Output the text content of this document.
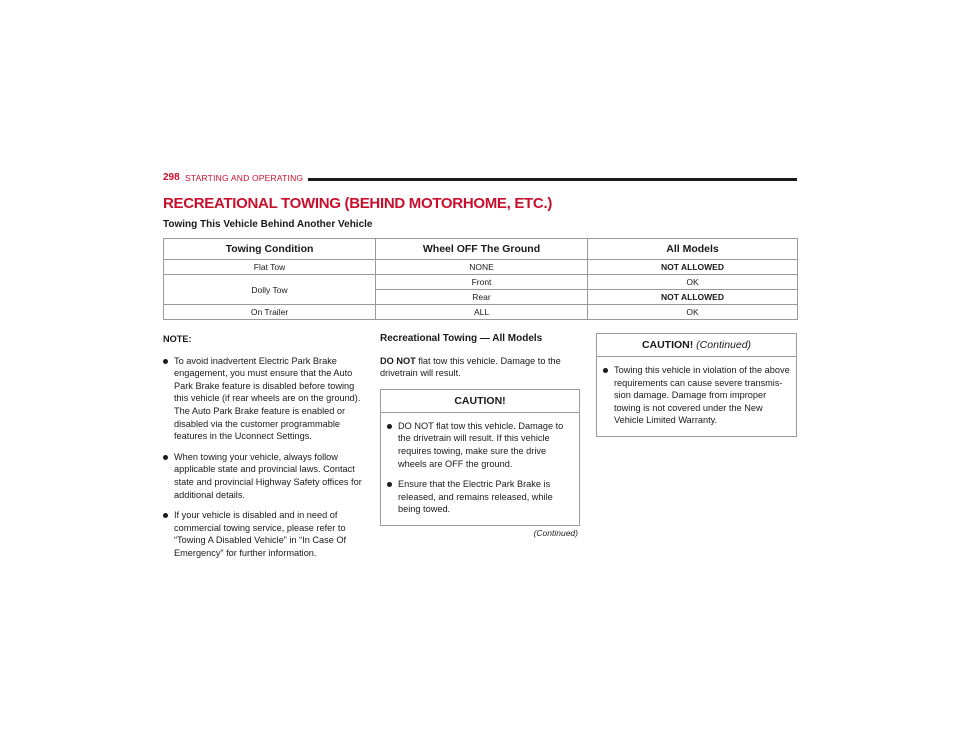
298 STARTING AND OPERATING
RECREATIONAL TOWING (BEHIND MOTORHOME, ETC.)
Towing This Vehicle Behind Another Vehicle
Towing Condition	Wheel OFF The Ground	All Models
Flat Tow	NONE	NOT ALLOWED
Dolly Tow	Front	OK
	Rear	NOT ALLOWED
On Trailer	ALL	OK
NOTE:
To avoid inadvertent Electric Park Brake engagement, you must ensure that the Auto Park Brake feature is disabled before towing this vehicle (if rear wheels are on the ground). The Auto Park Brake feature is enabled or disabled via the customer programmable features in the Uconnect Settings.
When towing your vehicle, always follow applicable state and provincial laws. Contact state and provincial Highway Safety offices for additional details.
If your vehicle is disabled and in need of commercial towing service, please refer to “Towing A Disabled Vehicle” in “In Case Of Emergency” for further information.
Recreational Towing — All Models
DO NOT flat tow this vehicle. Damage to the drivetrain will result.
CAUTION!
DO NOT flat tow this vehicle. Damage to the drivetrain will result. If this vehicle requires towing, make sure the drive wheels are OFF the ground.
Ensure that the Electric Park Brake is released, and remains released, while being towed.
(Continued)
CAUTION! (Continued)
Towing this vehicle in violation of the above requirements can cause severe transmis-sion damage. Damage from improper towing is not covered under the New Vehicle Limited Warranty.
